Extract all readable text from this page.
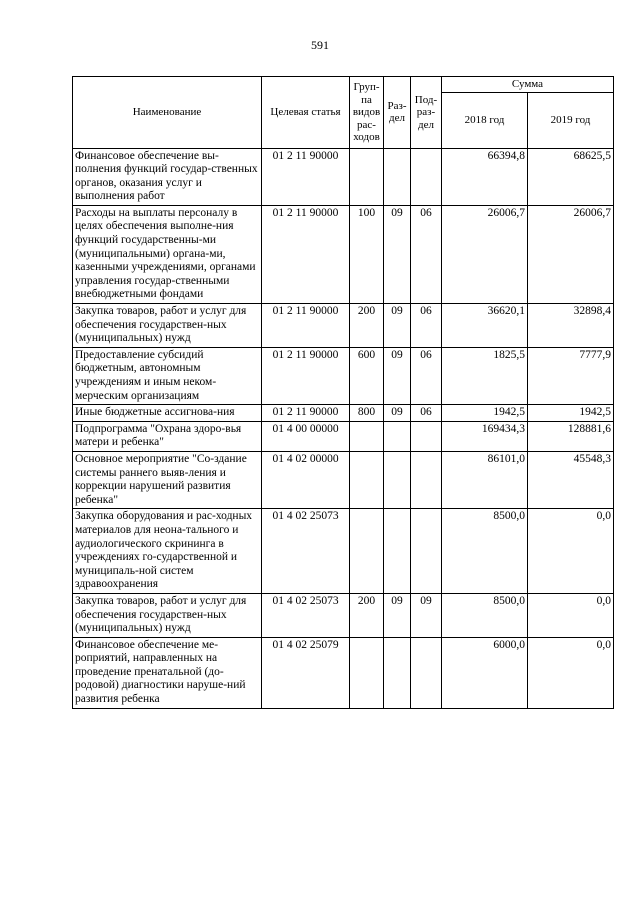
591
Наименование	Целевая статья	Груп-па видов рас-ходов	Раз-дел	Под-раз-дел	Сумма	
					2018 год	2019 год
Финансовое обеспечение вы-полнения функций государ-ственных органов, оказания услуг и выполнения работ	01 2 11 90000				66394,8	68625,5
Расходы на выплаты персоналу в целях обеспечения выполне-ния функций государственны-ми (муниципальными) органа-ми, казенными учреждениями, органами управления государ-ственными внебюджетными фондами	01 2 11 90000	100	09	06	26006,7	26006,7
Закупка товаров, работ и услуг для обеспечения государствен-ных (муниципальных) нужд	01 2 11 90000	200	09	06	36620,1	32898,4
Предоставление субсидий бюджетным, автономным учреждениям и иным неком-мерческим организациям	01 2 11 90000	600	09	06	1825,5	7777,9
Иные бюджетные ассигнова-ния	01 2 11 90000	800	09	06	1942,5	1942,5
Подпрограмма "Охрана здоро-вья матери и ребенка"	01 4 00 00000				169434,3	128881,6
Основное мероприятие "Со-здание системы раннего выяв-ления и коррекции нарушений развития ребенка"	01 4 02 00000				86101,0	45548,3
Закупка оборудования и рас-ходных материалов для неона-тального и аудиологического скрининга в учреждениях го-сударственной и муниципаль-ной систем здравоохранения	01 4 02 25073				8500,0	0,0
Закупка товаров, работ и услуг для обеспечения государствен-ных (муниципальных) нужд	01 4 02 25073	200	09	09	8500,0	0,0
Финансовое обеспечение ме-роприятий, направленных на проведение пренатальной (до-родовой) диагностики наруше-ний развития ребенка	01 4 02 25079				6000,0	0,0
